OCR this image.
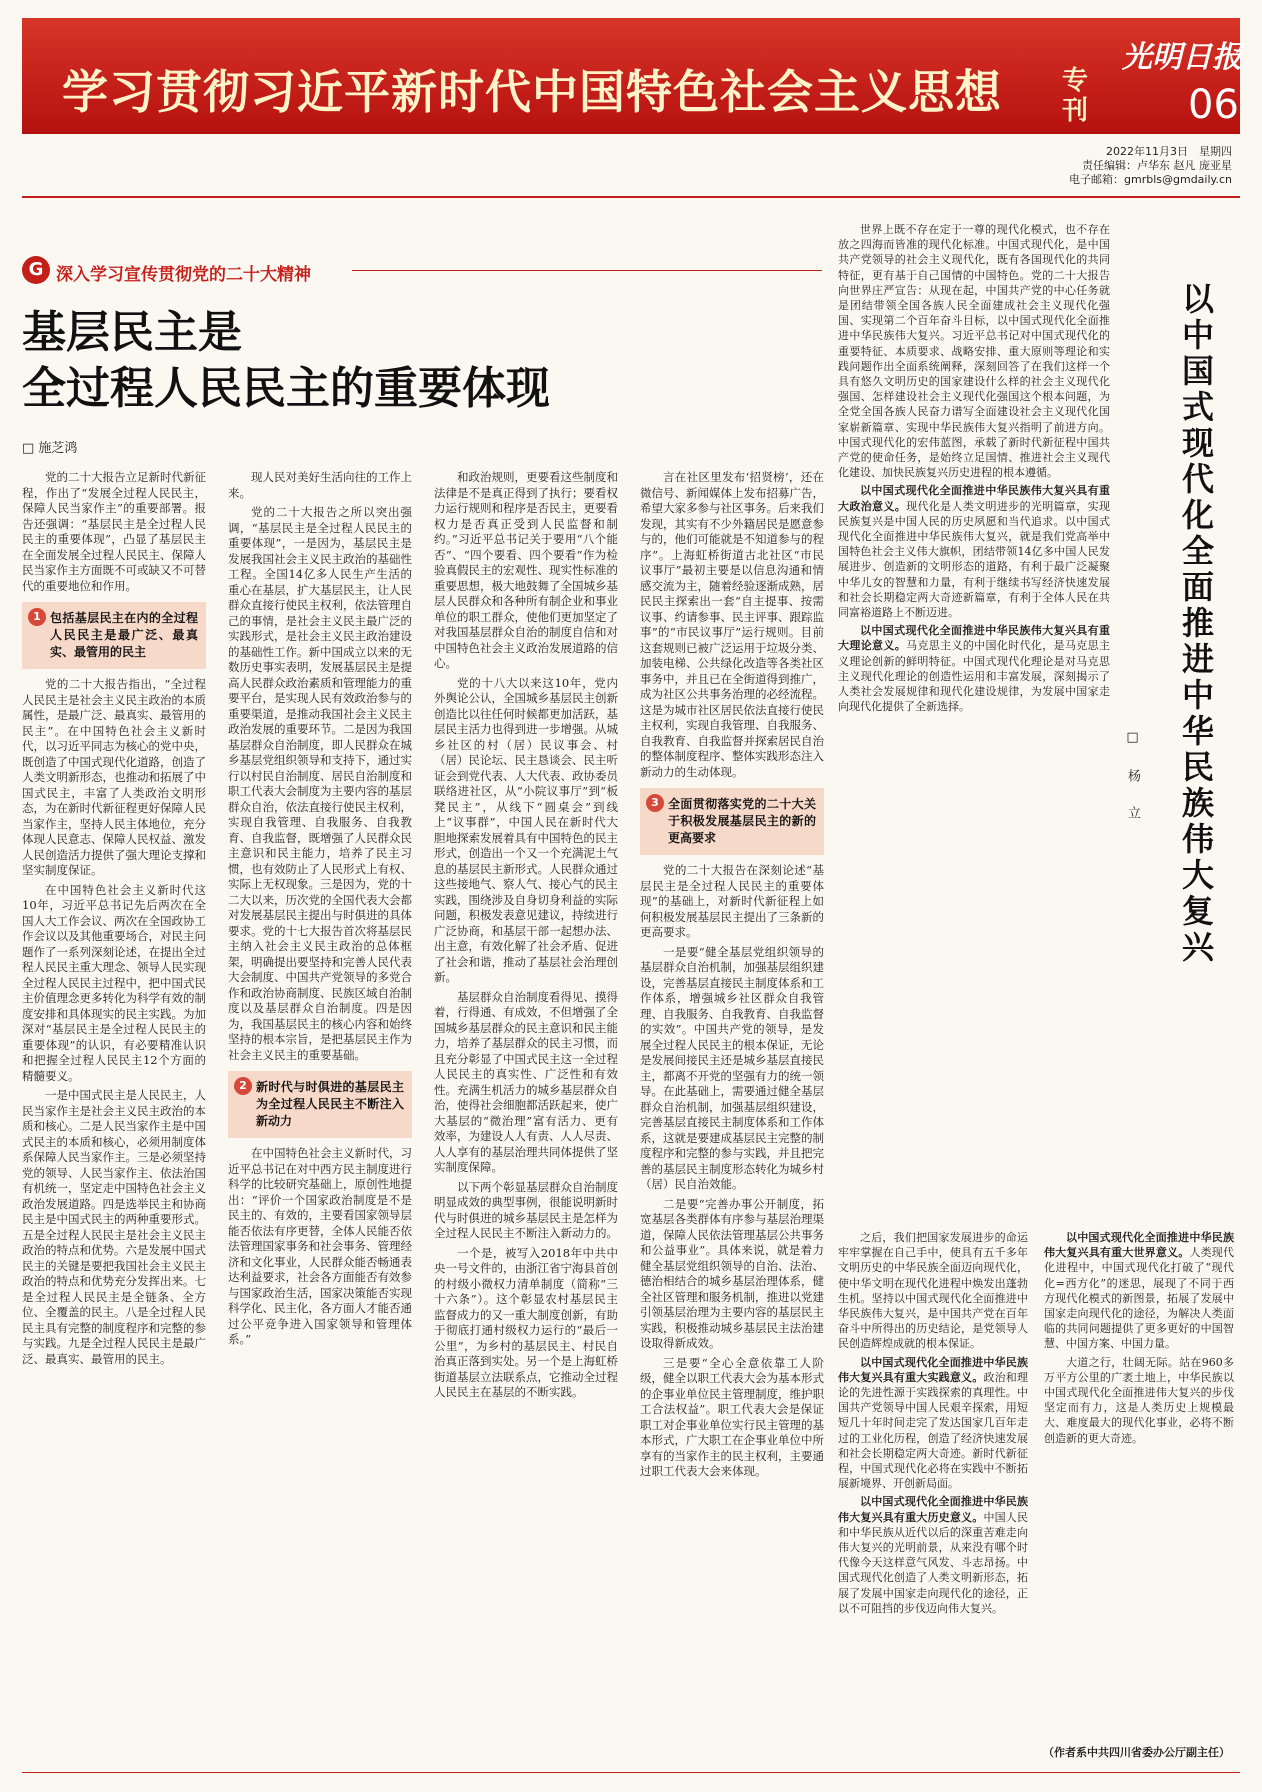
学习贯彻习近平新时代中国特色社会主义思想 专刊
光明日报
06
2022年11月3日　星期四
责任编辑：卢华东 赵凡 庞亚星
电子邮箱：gmrbls@gmdaily.cn
G 深入学习宣传贯彻党的二十大精神
基层民主是
全过程人民民主的重要体现
□ 施芝鸿

党的二十大报告立足新时代新征程，作出了“发展全过程人民民主，保障人民当家作主”的重要部署。报告还强调：“基层民主是全过程人民民主的重要体现”，凸显了基层民主在全面发展全过程人民民主、保障人民当家作主方面既不可或缺又不可替代的重要地位和作用。

1 包括基层民主在内的全过程人民民主是最广泛、最真实、最管用的民主

党的二十大报告指出，“全过程人民民主是社会主义民主政治的本质属性，是最广泛、最真实、最管用的民主”。在中国特色社会主义新时代，以习近平同志为核心的党中央，既创造了中国式现代化道路，创造了人类文明新形态，也推动和拓展了中国式民主，丰富了人类政治文明形态，为在新时代新征程更好保障人民当家作主，坚持人民主体地位，充分体现人民意志、保障人民权益、激发人民创造活力提供了强大理论支撑和坚实制度保证。

在中国特色社会主义新时代这10年，习近平总书记先后两次在全国人大工作会议、两次在全国政协工作会议以及其他重要场合，对民主问题作了一系列深刻论述，在提出全过程人民民主重大理念、领导人民实现全过程人民民主过程中，把中国式民主价值理念更多转化为科学有效的制度安排和具体现实的民主实践。为加深对“基层民主是全过程人民民主的重要体现”的认识，有必要精准认识和把握全过程人民民主12个方面的精髓要义。

一是中国式民主是人民民主，人民当家作主是社会主义民主政治的本质和核心。二是人民当家作主是中国式民主的本质和核心，必须用制度体系保障人民当家作主。三是必须坚持党的领导、人民当家作主、依法治国有机统一，坚定走中国特色社会主义政治发展道路。四是选举民主和协商民主是中国式民主的两种重要形式。五是全过程人民民主是社会主义民主政治的特点和优势。六是发展中国式民主的关键是要把我国社会主义民主政治的特点和优势充分发挥出来。七是全过程人民民主是全链条、全方位、全覆盖的民主。八是全过程人民民主具有完整的制度程序和完整的参与实践。九是全过程人民民主是最广泛、最真实、最管用的民主。

现人民对美好生活向往的工作上来。

党的二十大报告之所以突出强调，“基层民主是全过程人民民主的重要体现”，一是因为，基层民主是发展我国社会主义民主政治的基础性工程。全国14亿多人民生产生活的重心在基层，扩大基层民主，让人民群众直接行使民主权利，依法管理自己的事情，是社会主义民主最广泛的实践形式，是社会主义民主政治建设的基础性工作。新中国成立以来的无数历史事实表明，发展基层民主是提高人民群众政治素质和管理能力的重要平台，是实现人民有效政治参与的重要渠道，是推动我国社会主义民主政治发展的重要环节。二是因为我国基层群众自治制度，即人民群众在城乡基层党组织领导和支持下，通过实行以村民自治制度、居民自治制度和职工代表大会制度为主要内容的基层群众自治，依法直接行使民主权利，实现自我管理、自我服务、自我教育、自我监督，既增强了人民群众民主意识和民主能力，培养了民主习惯，也有效防止了人民形式上有权、实际上无权现象。三是因为，党的十二大以来，历次党的全国代表大会都对发展基层民主提出与时俱进的具体要求。党的十七大报告首次将基层民主纳入社会主义民主政治的总体框架，明确提出要坚持和完善人民代表大会制度、中国共产党领导的多党合作和政治协商制度、民族区域自治制度以及基层群众自治制度。四是因为，我国基层民主的核心内容和始终坚持的根本宗旨，是把基层民主作为社会主义民主的重要基础。

2 新时代与时俱进的基层民主为全过程人民民主不断注入新动力

在中国特色社会主义新时代，习近平总书记在对中西方民主制度进行科学的比较研究基础上，原创性地提出：“评价一个国家政治制度是不是民主的、有效的，主要看国家领导层能否依法有序更替，全体人民能否依法管理国家事务和社会事务、管理经济和文化事业，人民群众能否畅通表达利益要求，社会各方面能否有效参与国家政治生活，国家决策能否实现科学化、民主化，各方面人才能否通过公平竞争进入国家领导和管理体系。”

和政治规则，更要看这些制度和法律是不是真正得到了执行；要看权力运行规则和程序是否民主，更要看权力是否真正受到人民监督和制约。”习近平总书记关于要用“八个能否”、“四个要看、四个要看”作为检验真假民主的宏观性、现实性标准的重要思想，极大地鼓舞了全国城乡基层人民群众和各种所有制企业和事业单位的职工群众，使他们更加坚定了对我国基层群众自治的制度自信和对中国特色社会主义政治发展道路的信心。

党的十八大以来这10年，党内外舆论公认，全国城乡基层民主创新创造比以往任何时候都更加活跃，基层民主活力也得到进一步增强。从城乡社区的村（居）民议事会、村（居）民论坛、民主恳谈会、民主听证会到党代表、人大代表、政协委员联络进社区，从“小院议事厅”到“板凳民主”，从线下“圆桌会”到线上“议事群”，中国人民在新时代大胆地探索发展着具有中国特色的民主形式，创造出一个又一个充满泥土气息的基层民主新形式。人民群众通过这些接地气、察人气、接心气的民主实践，围绕涉及自身切身利益的实际问题，积极发表意见建议，持续进行广泛协商，和基层干部一起想办法、出主意，有效化解了社会矛盾、促进了社会和谐，推动了基层社会治理创新。

基层群众自治制度看得见、摸得着，行得通、有成效，不但增强了全国城乡基层群众的民主意识和民主能力，培养了基层群众的民主习惯，而且充分彰显了中国式民主这一全过程人民民主的真实性、广泛性和有效性。充满生机活力的城乡基层群众自治，使得社会细胞都活跃起来，使广大基层的“微治理”富有活力、更有效率，为建设人人有责、人人尽责、人人享有的基层治理共同体提供了坚实制度保障。

以下两个彰显基层群众自治制度明显成效的典型事例，很能说明新时代与时俱进的城乡基层民主是怎样为全过程人民民主不断注入新动力的。

一个是，被写入2018年中共中央一号文件的，由浙江省宁海县首创的村级小微权力清单制度（简称“三十六条”）。这个彰显农村基层民主监督成力的又一重大制度创新，有助于彻底打通村级权力运行的“最后一公里”，为乡村的基层民主、村民自治真正落到实处。另一个是上海虹桥街道基层立法联系点，它推动全过程人民民主在基层的不断实践。

言在社区里发布‘招贤榜’，还在微信号、新闻媒体上发布招募广告，希望大家多参与社区事务。后来我们发现，其实有不少外籍居民是愿意参与的，他们可能就是不知道参与的程序”。上海虹桥街道古北社区“市民议事厅”最初主要是以信息沟通和情感交流为主，随着经验逐渐成熟，居民民主探索出一套“自主提事、按需议事、约请参事、民主评事、跟踪监事”的“市民议事厅”运行规则。目前这套规则已被广泛运用于垃圾分类、加装电梯、公共绿化改造等各类社区事务中，并且已在全街道得到推广，成为社区公共事务治理的必经流程。这是为城市社区居民依法直接行使民主权利，实现自我管理、自我服务、自我教育、自我监督并探索居民自治的整体制度程序、整体实践形态注入新动力的生动体现。

3 全面贯彻落实党的二十大关于积极发展基层民主的新的更高要求

党的二十大报告在深刻论述“基层民主是全过程人民民主的重要体现”的基础上，对新时代新征程上如何积极发展基层民主提出了三条新的更高要求。

一是要“健全基层党组织领导的基层群众自治机制，加强基层组织建设，完善基层直接民主制度体系和工作体系，增强城乡社区群众自我管理、自我服务、自我教育、自我监督的实效”。中国共产党的领导，是发展全过程人民民主的根本保证，无论是发展间接民主还是城乡基层直接民主，都离不开党的坚强有力的统一领导。在此基础上，需要通过健全基层群众自治机制，加强基层组织建设，完善基层直接民主制度体系和工作体系，这就是要建成基层民主完整的制度程序和完整的参与实践，并且把完善的基层民主制度形态转化为城乡村（居）民自治效能。

二是要“完善办事公开制度，拓宽基层各类群体有序参与基层治理渠道，保障人民依法管理基层公共事务和公益事业”。具体来说，就是着力健全基层党组织领导的自治、法治、德治相结合的城乡基层治理体系，健全社区管理和服务机制，推进以党建引领基层治理为主要内容的基层民主实践，积极推动城乡基层民主法治建设取得新成效。

三是要“全心全意依靠工人阶级，健全以职工代表大会为基本形式的企事业单位民主管理制度，维护职工合法权益”。职工代表大会是保证职工对企事业单位实行民主管理的基本形式，广大职工在企事业单位中所享有的当家作主的民主权利，主要通过职工代表大会来体现。

世界上既不存在定于一尊的现代化模式，也不存在放之四海而皆准的现代化标准。中国式现代化，是中国共产党领导的社会主义现代化，既有各国现代化的共同特征，更有基于自己国情的中国特色。党的二十大报告向世界庄严宣告：从现在起，中国共产党的中心任务就是团结带领全国各族人民全面建成社会主义现代化强国、实现第二个百年奋斗目标，以中国式现代化全面推进中华民族伟大复兴。习近平总书记对中国式现代化的重要特征、本质要求、战略安排、重大原则等理论和实践问题作出全面系统阐释，深刻回答了在我们这样一个具有悠久文明历史的国家建设什么样的社会主义现代化强国、怎样建设社会主义现代化强国这个根本问题，为全党全国各族人民奋力谱写全面建设社会主义现代化国家崭新篇章、实现中华民族伟大复兴指明了前进方向。中国式现代化的宏伟蓝图，承载了新时代新征程中国共产党的使命任务，是始终立足国情、推进社会主义现代化建设、加快民族复兴历史进程的根本遵循。

以中国式现代化全面推进中华民族伟大复兴具有重大政治意义。现代化是人类文明进步的光明篇章，实现民族复兴是中国人民的历史夙愿和当代追求。以中国式现代化全面推进中华民族伟大复兴，就是我们党高举中国特色社会主义伟大旗帜，团结带领14亿多中国人民发展进步、创造新的文明形态的道路，有利于最广泛凝聚中华儿女的智慧和力量，有利于继续书写经济快速发展和社会长期稳定两大奇迹新篇章，有利于全体人民在共同富裕道路上不断迈进。

以中国式现代化全面推进中华民族伟大复兴具有重大理论意义。马克思主义的中国化时代化，是马克思主义理论创新的鲜明特征。中国式现代化理论是对马克思主义现代化理论的创造性运用和丰富发展，深刻揭示了人类社会发展规律和现代化建设规律，为发展中国家走向现代化提供了全新选择。	以中国式现代化全面推进中华民族伟大复兴
□ 杨 立

之后，我们把国家发展进步的命运牢牢掌握在自己手中，使具有五千多年文明历史的中华民族全面迈向现代化，使中华文明在现代化进程中焕发出蓬勃生机。坚持以中国式现代化全面推进中华民族伟大复兴，是中国共产党在百年奋斗中所得出的历史结论，是党领导人民创造辉煌成就的根本保证。

以中国式现代化全面推进中华民族伟大复兴具有重大实践意义。政治和理论的先进性源于实践探索的真理性。中国共产党领导中国人民艰辛探索，用短短几十年时间走完了发达国家几百年走过的工业化历程，创造了经济快速发展和社会长期稳定两大奇迹。新时代新征程，中国式现代化必将在实践中不断拓展新境界、开创新局面。

以中国式现代化全面推进中华民族伟大复兴具有重大历史意义。中国人民和中华民族从近代以后的深重苦难走向伟大复兴的光明前景，从来没有哪个时代像今天这样意气风发、斗志昂扬。中国式现代化创造了人类文明新形态，拓展了发展中国家走向现代化的途径，正以不可阻挡的步伐迈向伟大复兴。

以中国式现代化全面推进中华民族伟大复兴具有重大世界意义。人类现代化进程中，中国式现代化打破了“现代化=西方化”的迷思，展现了不同于西方现代化模式的新图景，拓展了发展中国家走向现代化的途径，为解决人类面临的共同问题提供了更多更好的中国智慧、中国方案、中国力量。

大道之行，壮阔无际。站在960多万平方公里的广袤土地上，中华民族以中国式现代化全面推进伟大复兴的步伐坚定而有力，这是人类历史上规模最大、难度最大的现代化事业，必将不断创造新的更大奇迹。

（作者系中共四川省委办公厅副主任）
